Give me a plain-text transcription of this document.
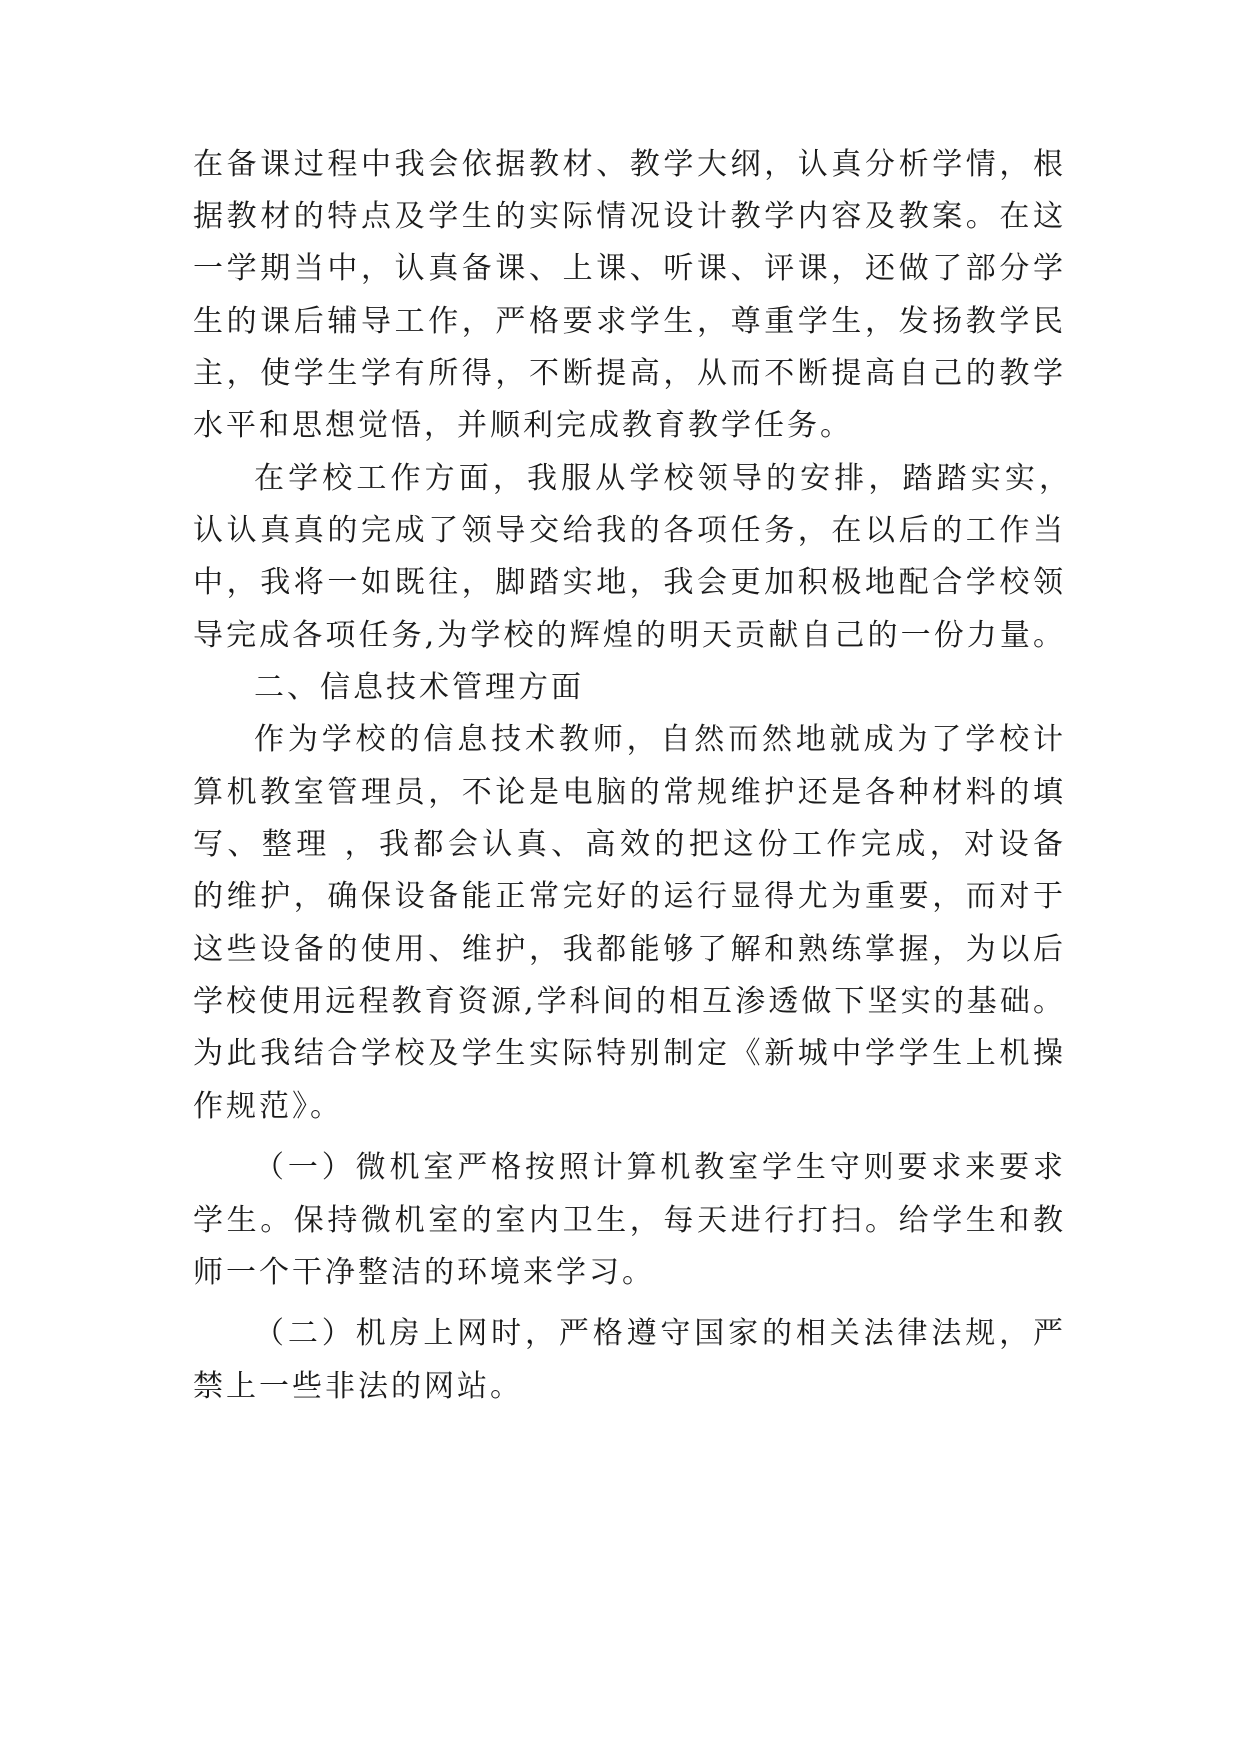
在备课过程中我会依据教材、教学大纲，认真分析学情，根
据教材的特点及学生的实际情况设计教学内容及教案。在这
一学期当中，认真备课、上课、听课、评课，还做了部分学
生的课后辅导工作，严格要求学生，尊重学生，发扬教学民
主，使学生学有所得，不断提高，从而不断提高自己的教学
水平和思想觉悟，并顺利完成教育教学任务。
在学校工作方面，我服从学校领导的安排，踏踏实实，
认认真真的完成了领导交给我的各项任务，在以后的工作当
中，我将一如既往，脚踏实地，我会更加积极地配合学校领
导完成各项任务,为学校的辉煌的明天贡献自己的一份力量。
二、信息技术管理方面
作为学校的信息技术教师，自然而然地就成为了学校计
算机教室管理员，不论是电脑的常规维护还是各种材料的填
写、整理 ，我都会认真、高效的把这份工作完成，对设备
的维护，确保设备能正常完好的运行显得尤为重要，而对于
这些设备的使用、维护，我都能够了解和熟练掌握，为以后
学校使用远程教育资源,学科间的相互渗透做下坚实的基础。
为此我结合学校及学生实际特别制定《新城中学学生上机操
作规范》。
（一）微机室严格按照计算机教室学生守则要求来要求
学生。保持微机室的室内卫生，每天进行打扫。给学生和教
师一个干净整洁的环境来学习。
（二）机房上网时，严格遵守国家的相关法律法规，严
禁上一些非法的网站。
